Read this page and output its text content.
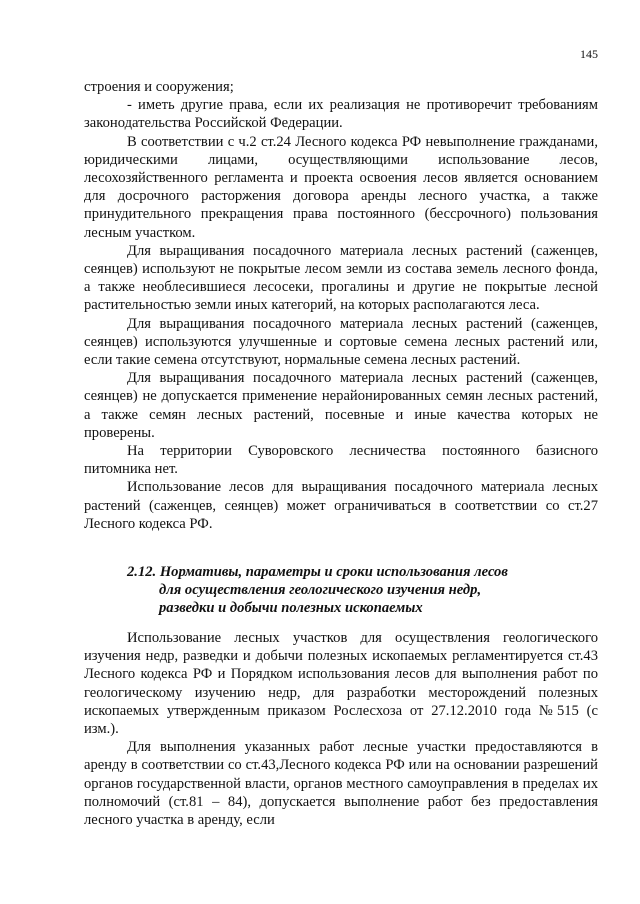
145

строения и сооружения;

- иметь другие права, если их реализация не противоречит требованиям законодательства Российской Федерации.

В соответствии с ч.2 ст.24 Лесного кодекса РФ невыполнение гражданами, юридическими лицами, осуществляющими использование лесов, лесохозяйственного регламента и проекта освоения лесов является основанием для досрочного расторжения договора аренды лесного участка, а также принудительного прекращения права постоянного (бессрочного) пользования лесным участком.

Для выращивания посадочного материала лесных растений (саженцев, сеянцев) используют не покрытые лесом земли из состава земель лесного фонда, а также необлесившиеся лесосеки, прогалины и другие не покрытые лесной растительностью земли иных категорий, на которых располагаются леса.

Для выращивания посадочного материала лесных растений (саженцев, сеянцев) используются улучшенные и сортовые семена лесных растений или, если такие семена отсутствуют, нормальные семена лесных растений.

Для выращивания посадочного материала лесных растений (саженцев, сеянцев) не допускается применение нерайонированных семян лесных растений, а также семян лесных растений, посевные и иные качества которых не проверены.

На территории Суворовского лесничества постоянного базисного питомника нет.

Использование лесов для выращивания посадочного материала лесных растений (саженцев, сеянцев) может ограничиваться в соответствии со ст.27 Лесного кодекса РФ.

2.12. Нормативы, параметры и сроки использования лесов
для осуществления геологического изучения недр,
разведки и добычи полезных ископаемых

Использование лесных участков для осуществления геологического изучения недр, разведки и добычи полезных ископаемых регламентируется ст.43 Лесного кодекса РФ и Порядком использования лесов для выполнения работ по геологическому изучению недр, для разработки месторождений полезных ископаемых утвержденным приказом Рослесхоза от 27.12.2010 года №515 (с изм.).

Для выполнения указанных работ лесные участки предоставляются в аренду в соответствии со ст.43,Лесного кодекса РФ или на основании разрешений органов государственной власти, органов местного самоуправления в пределах их полномочий (ст.81 – 84), допускается выполнение работ без предоставления лесного участка в аренду, если
